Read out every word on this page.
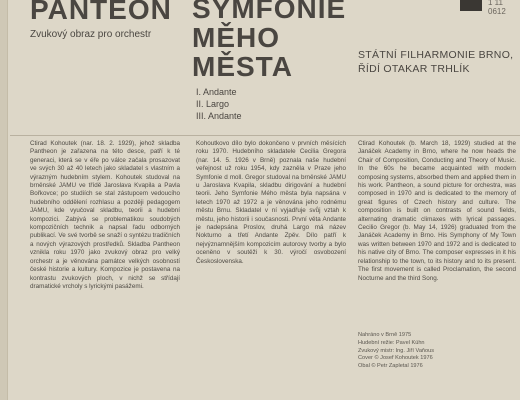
PANTEON
Zvukový obraz pro orchestr
SYMFONIE
MĚHO
MĚSTA
I. Andante
II. Largo
III. Andante
STÁTNÍ FILHARMONIE BRNO,
ŘÍDÍ OTAKAR TRHLÍK
1 11 0612

Ctirad Kohoutek (nar. 18. 2. 1929), jehož skladba Pantheon je zařazena na této desce, patří k té generaci, která se v éře po válce začala prosazovat ve svých 30 až 40 letech jako skladatel s vlastním a výrazným hudebním stylem. Kohoutek studoval na brněnské JAMU ve třídě Jaroslava Kvapila a Pavla Bořkovce; po studiích se stal zástupcem vedoucího hudebního oddělení rozhlasu a později pedagogem JAMU, kde vyučoval skladbu, teorii a hudební kompozici. Zabývá se problematikou soudobých kompozičních technik a napsal řadu odborných publikací. Ve své tvorbě se snaží o syntézu tradičních a nových výrazových prostředků. Skladba Pantheon vznikla roku 1970 jako zvukový obraz pro velký orchestr a je věnována památce velkých osobností české historie a kultury. Kompozice je postavena na kontrastu zvukových ploch, v nichž se střídají dramatické vrcholy s lyrickými pasážemi.

Kohoutkovo dílo bylo dokončeno v prvních měsících roku 1970. Hudebního skladatele Cecilia Gregora (nar. 14. 5. 1926 v Brně) poznala naše hudební veřejnost už roku 1954, kdy zazněla v Praze jeho Symfonie d moll. Gregor studoval na brněnské JAMU u Jaroslava Kvapila, skladbu dirigování a hudební teorii. Jeho Symfonie Mého města byla napsána v letech 1970 až 1972 a je věnována jeho rodnému městu Brnu. Skladatel v ní vyjadřuje svůj vztah k městu, jeho historii i současnosti. První věta Andante je nadepsána Proslov, druhá Largo má název Nokturno a třetí Andante Zpěv. Dílo patří k nejvýznamnějším kompozicím autorovy tvorby a bylo oceněno v soutěži k 30. výročí osvobození Československa.

Ctirad Kohoutek (b. March 18, 1929) studied at the Janáček Academy in Brno, where he now heads the Chair of Composition, Conducting and Theory of Music. In the 60s he became acquainted with modern composing systems, absorbed them and applied them in his work. Pantheon, a sound picture for orchestra, was composed in 1970 and is dedicated to the memory of great figures of Czech history and culture. The composition is built on contrasts of sound fields, alternating dramatic climaxes with lyrical passages. Cecilio Gregor (b. May 14, 1926) graduated from the Janáček Academy in Brno. His Symphony of My Town was written between 1970 and 1972 and is dedicated to his native city of Brno. The composer expresses in it his relationship to the town, to its history and to its present. The first movement is called Proclamation, the second Nocturne and the third Song.

Nahráno v Brně 1975
Hudební režie: Pavel Kühn
Zvukový mistr: Ing. Jiří Vaňous
Cover © Josef Kohoutek 1976
Obal © Petr Zapletal 1976
